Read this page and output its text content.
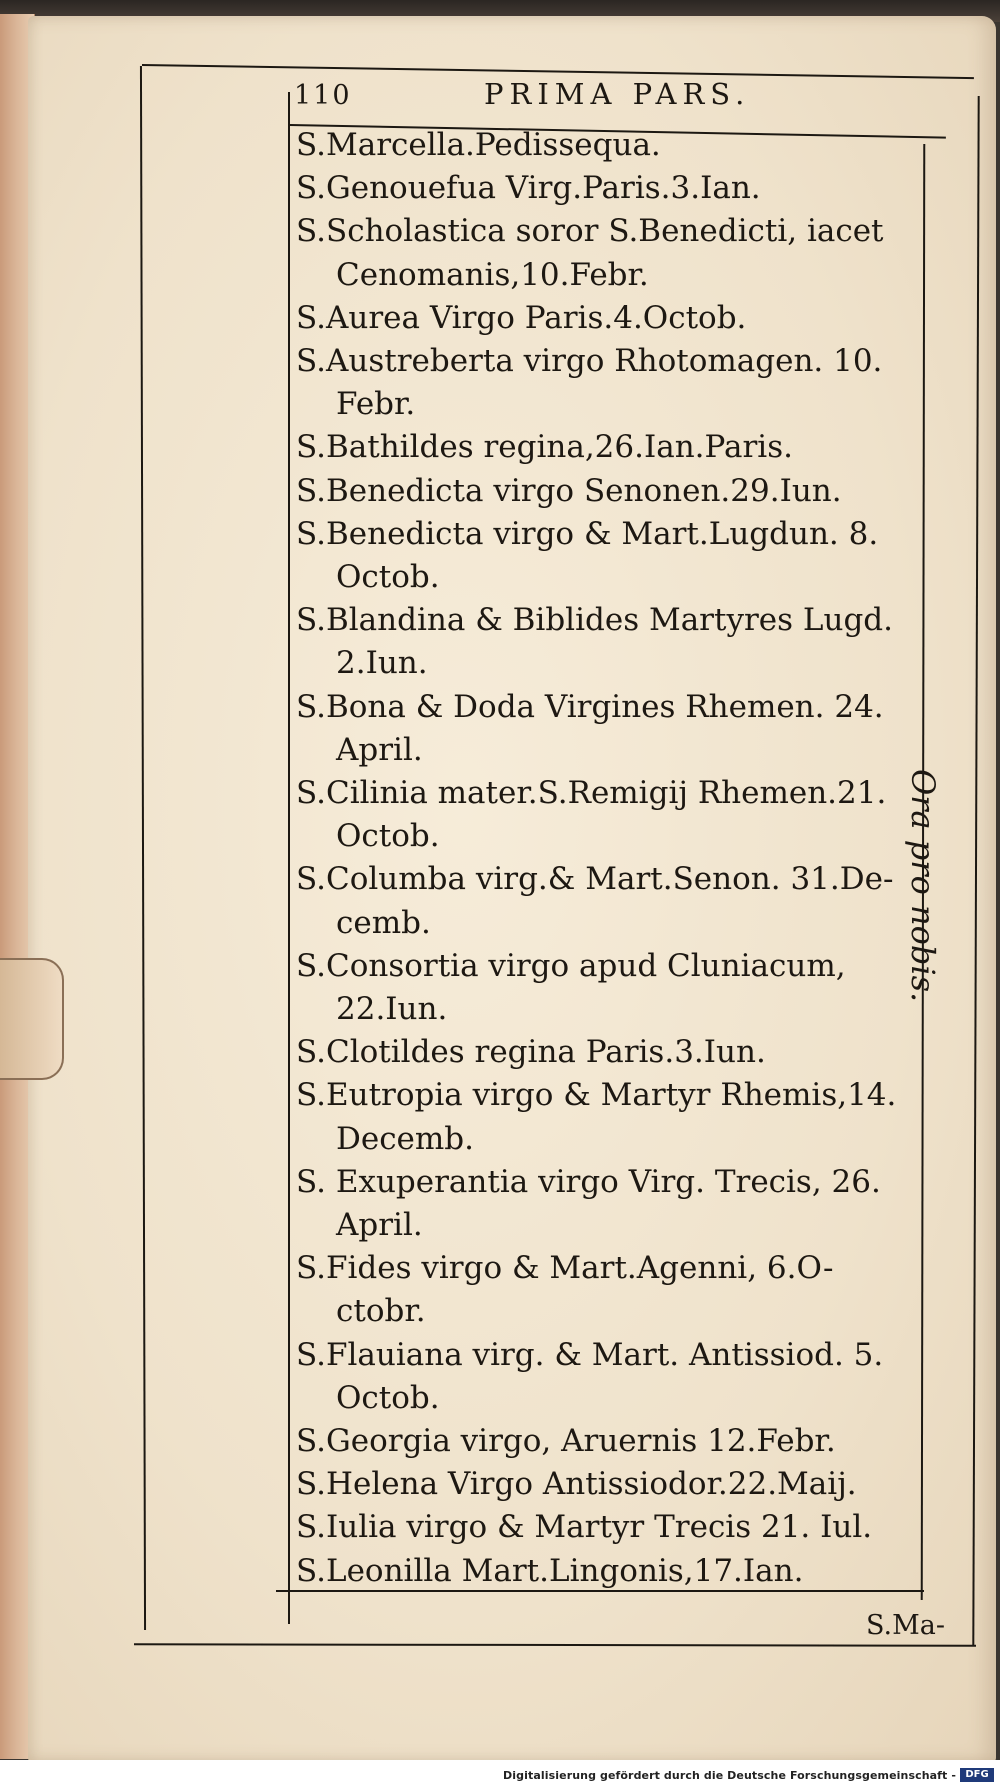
110	PRIMA PARS.
S.Marcella.Pedissequa.
S.Genouefua Virg.Paris.3.Ian.
S.Scholastica soror S.Benedicti, iacet
Cenomanis,10.Febr.
S.Aurea Virgo Paris.4.Octob.
S.Austreberta virgo Rhotomagen. 10.
Febr.
S.Bathildes regina,26.Ian.Paris.
S.Benedicta virgo Senonen.29.Iun.
S.Benedicta virgo & Mart.Lugdun. 8.
Octob.
S.Blandina & Biblides Martyres Lugd.
2.Iun.
S.Bona & Doda Virgines Rhemen. 24.
April.
S.Cilinia mater.S.Remigij Rhemen.21.
Octob.
S.Columba virg.& Mart.Senon. 31.De-
cemb.
S.Consortia virgo apud Cluniacum,
22.Iun.
S.Clotildes regina Paris.3.Iun.
S.Eutropia virgo & Martyr Rhemis,14.
Decemb.
S. Exuperantia virgo Virg. Trecis, 26.
April.
S.Fides virgo & Mart.Agenni, 6.O-
ctobr.
S.Flauiana virg. & Mart. Antissiod. 5.
Octob.
S.Georgia virgo, Aruernis 12.Febr.
S.Helena Virgo Antissiodor.22.Maij.
S.Iulia virgo & Martyr Trecis 21. Iul.
S.Leonilla Mart.Lingonis,17.Ian.
Ora pro nobis.
S.Ma-
Digitalisierung gefördert durch die Deutsche Forschungsgemeinschaft - DFG
